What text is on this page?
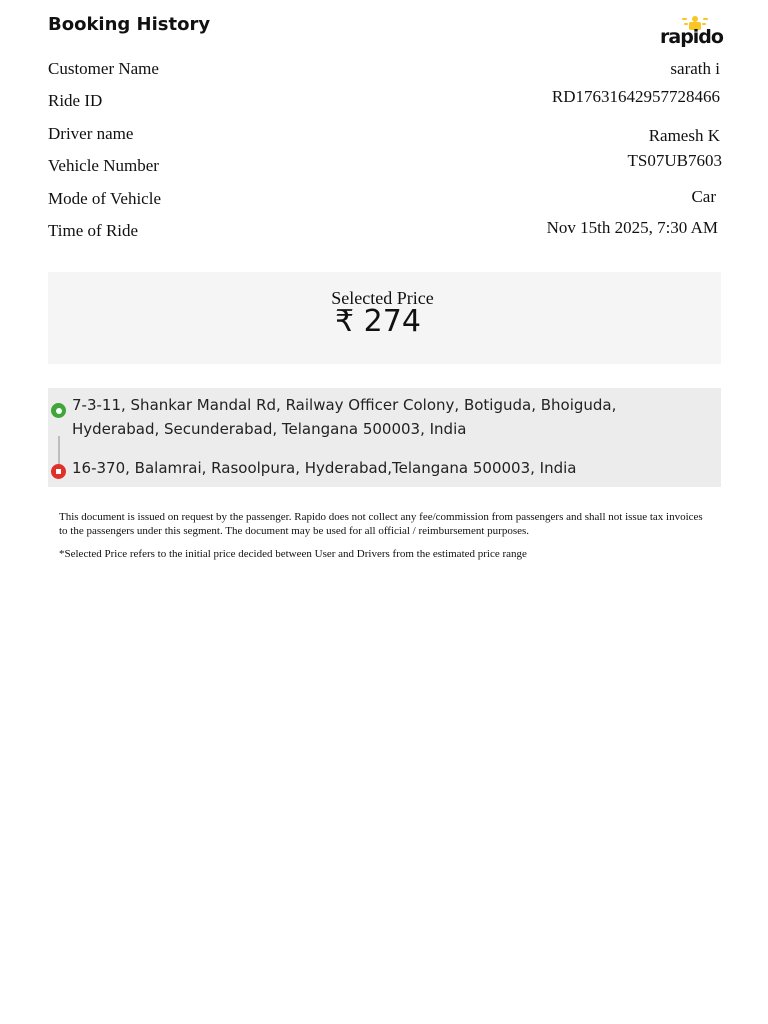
Booking History
rapido
Customer Name	sarath i
Ride ID	RD17631642957728466
Driver name	Ramesh K
Vehicle Number	TS07UB7603
Mode of Vehicle	Car
Time of Ride	Nov 15th 2025, 7:30 AM
Selected Price
₹ 274
7-3-11, Shankar Mandal Rd, Railway Officer Colony, Botiguda, Bhoiguda, Hyderabad, Secunderabad, Telangana 500003, India
16-370, Balamrai, Rasoolpura, Hyderabad,Telangana 500003, India
This document is issued on request by the passenger. Rapido does not collect any fee/commission from passengers and shall not issue tax invoices to the passengers under this segment. The document may be used for all official / reimbursement purposes.
*Selected Price refers to the initial price decided between User and Drivers from the estimated price range
